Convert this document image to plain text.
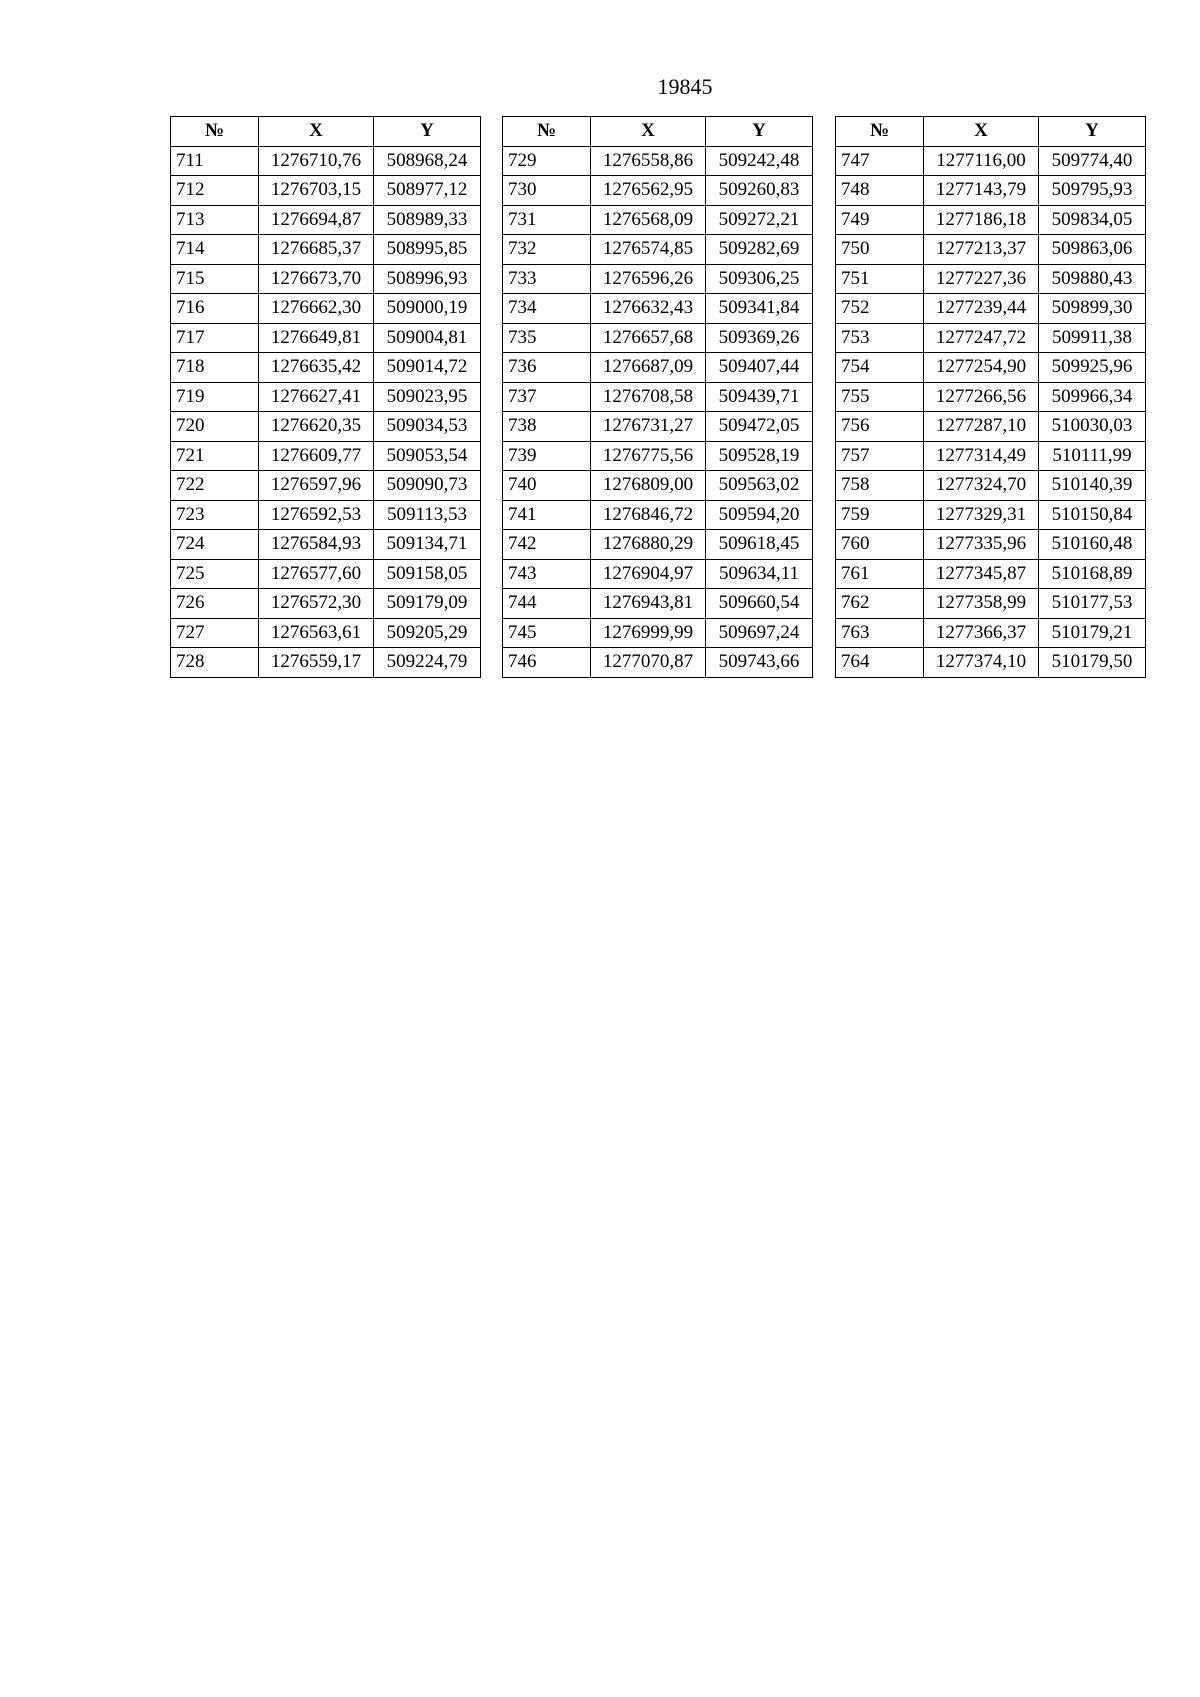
19845
№	X	Y
711	1276710,76	508968,24
712	1276703,15	508977,12
713	1276694,87	508989,33
714	1276685,37	508995,85
715	1276673,70	508996,93
716	1276662,30	509000,19
717	1276649,81	509004,81
718	1276635,42	509014,72
719	1276627,41	509023,95
720	1276620,35	509034,53
721	1276609,77	509053,54
722	1276597,96	509090,73
723	1276592,53	509113,53
724	1276584,93	509134,71
725	1276577,60	509158,05
726	1276572,30	509179,09
727	1276563,61	509205,29
728	1276559,17	509224,79
№	X	Y
729	1276558,86	509242,48
730	1276562,95	509260,83
731	1276568,09	509272,21
732	1276574,85	509282,69
733	1276596,26	509306,25
734	1276632,43	509341,84
735	1276657,68	509369,26
736	1276687,09	509407,44
737	1276708,58	509439,71
738	1276731,27	509472,05
739	1276775,56	509528,19
740	1276809,00	509563,02
741	1276846,72	509594,20
742	1276880,29	509618,45
743	1276904,97	509634,11
744	1276943,81	509660,54
745	1276999,99	509697,24
746	1277070,87	509743,66
№	X	Y
747	1277116,00	509774,40
748	1277143,79	509795,93
749	1277186,18	509834,05
750	1277213,37	509863,06
751	1277227,36	509880,43
752	1277239,44	509899,30
753	1277247,72	509911,38
754	1277254,90	509925,96
755	1277266,56	509966,34
756	1277287,10	510030,03
757	1277314,49	510111,99
758	1277324,70	510140,39
759	1277329,31	510150,84
760	1277335,96	510160,48
761	1277345,87	510168,89
762	1277358,99	510177,53
763	1277366,37	510179,21
764	1277374,10	510179,50
